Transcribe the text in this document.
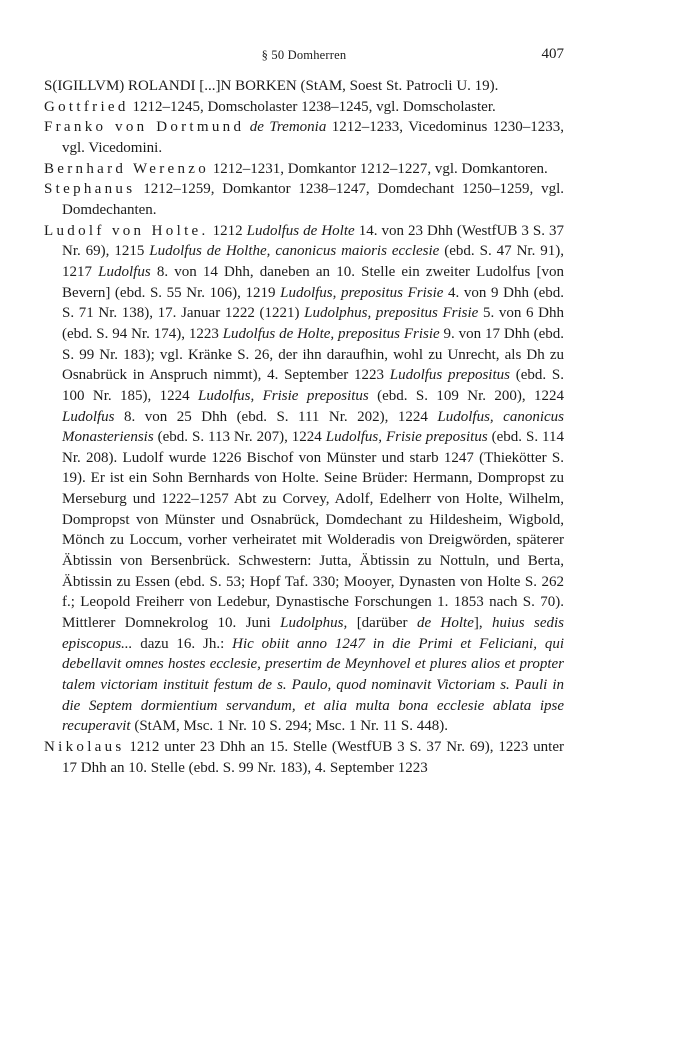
§ 50 Domherren	407

S(IGILLVM) ROLANDI [...]N BORKEN (StAM, Soest St. Patrocli U. 19).

Gottfried 1212–1245, Domscholaster 1238–1245, vgl. Domscholaster.

Franko von Dortmund de Tremonia 1212–1233, Vicedominus 1230–1233, vgl. Vicedomini.

Bernhard Werenzo 1212–1231, Domkantor 1212–1227, vgl. Domkantoren.

Stephanus 1212–1259, Domkantor 1238–1247, Domdechant 1250–1259, vgl. Domdechanten.

Ludolf von Holte. 1212 Ludolfus de Holte 14. von 23 Dhh (WestfUB 3 S. 37 Nr. 69), 1215 Ludolfus de Holthe, canonicus maioris ecclesie (ebd. S. 47 Nr. 91), 1217 Ludolfus 8. von 14 Dhh, daneben an 10. Stelle ein zweiter Ludolfus [von Bevern] (ebd. S. 55 Nr. 106), 1219 Ludolfus, prepositus Frisie 4. von 9 Dhh (ebd. S. 71 Nr. 138), 17. Januar 1222 (1221) Ludolphus, prepositus Frisie 5. von 6 Dhh (ebd. S. 94 Nr. 174), 1223 Ludolfus de Holte, prepositus Frisie 9. von 17 Dhh (ebd. S. 99 Nr. 183); vgl. Kränke S. 26, der ihn daraufhin, wohl zu Unrecht, als Dh zu Osnabrück in Anspruch nimmt), 4. September 1223 Ludolfus prepositus (ebd. S. 100 Nr. 185), 1224 Ludolfus, Frisie prepositus (ebd. S. 109 Nr. 200), 1224 Ludolfus 8. von 25 Dhh (ebd. S. 111 Nr. 202), 1224 Ludolfus, canonicus Monasteriensis (ebd. S. 113 Nr. 207), 1224 Ludolfus, Frisie prepositus (ebd. S. 114 Nr. 208). Ludolf wurde 1226 Bischof von Münster und starb 1247 (Thiekötter S. 19). Er ist ein Sohn Bernhards von Holte. Seine Brüder: Hermann, Dompropst zu Merseburg und 1222–1257 Abt zu Corvey, Adolf, Edelherr von Holte, Wilhelm, Dompropst von Münster und Osnabrück, Domdechant zu Hildesheim, Wigbold, Mönch zu Loccum, vorher verheiratet mit Wolderadis von Dreigwörden, späterer Äbtissin von Bersenbrück. Schwestern: Jutta, Äbtissin zu Nottuln, und Berta, Äbtissin zu Essen (ebd. S. 53; Hopf Taf. 330; Mooyer, Dynasten von Holte S. 262 f.; Leopold Freiherr von Ledebur, Dynastische Forschungen 1. 1853 nach S. 70). Mittlerer Domnekrolog 10. Juni Ludolphus, [darüber de Holte], huius sedis episcopus... dazu 16. Jh.: Hic obiit anno 1247 in die Primi et Feliciani, qui debellavit omnes hostes ecclesie, presertim de Meynhovel et plures alios et propter talem victoriam instituit festum de s. Paulo, quod nominavit Victoriam s. Pauli in die Septem dormientium servandum, et alia multa bona ecclesie ablata ipse recuperavit (StAM, Msc. 1 Nr. 10 S. 294; Msc. 1 Nr. 11 S. 448).

Nikolaus 1212 unter 23 Dhh an 15. Stelle (WestfUB 3 S. 37 Nr. 69), 1223 unter 17 Dhh an 10. Stelle (ebd. S. 99 Nr. 183), 4. September 1223
